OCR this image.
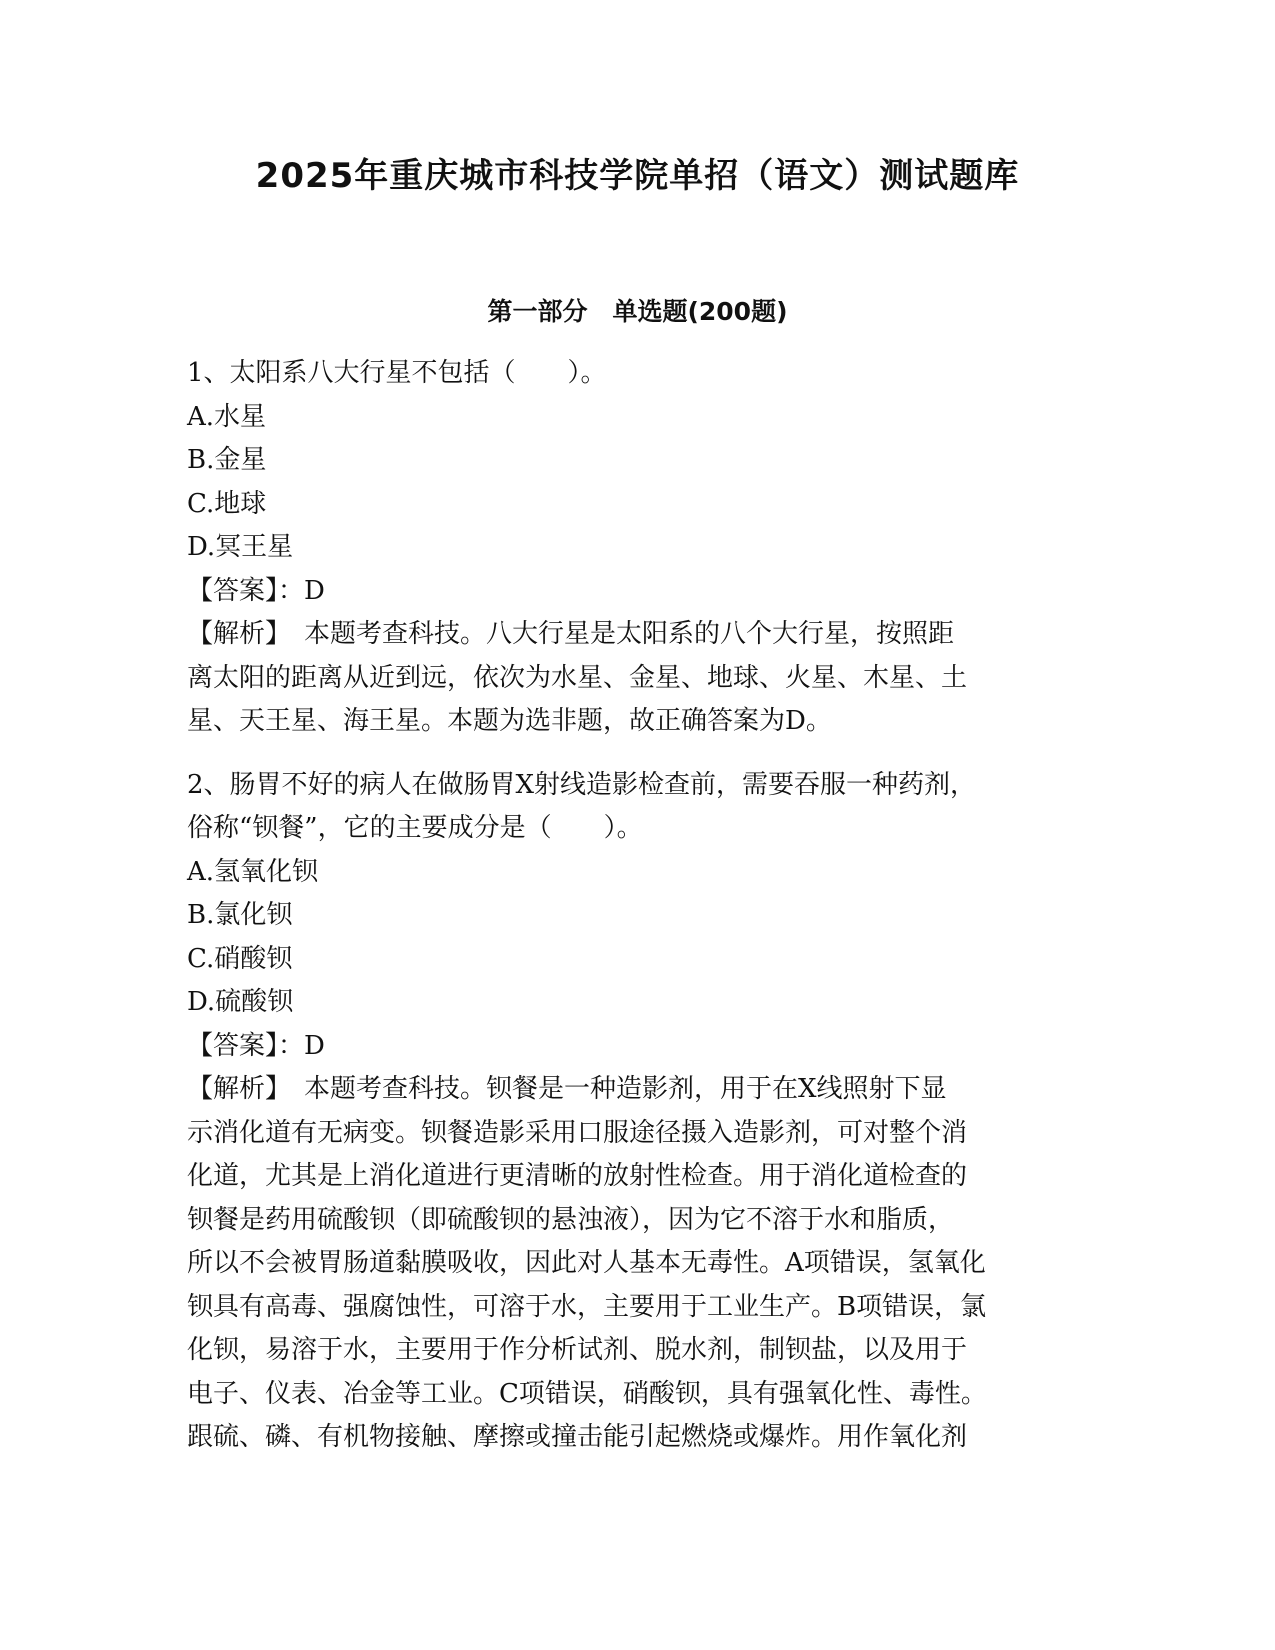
2025年重庆城市科技学院单招（语文）测试题库
第一部分　单选题(200题)

1、太阳系八大行星不包括（　　）。

A.水星

B.金星

C.地球

D.冥王星

【答案】：D

【解析】　本题考查科技。八大行星是太阳系的八个大行星，按照距

离太阳的距离从近到远，依次为水星、金星、地球、火星、木星、土

星、天王星、海王星。本题为选非题，故正确答案为D。

2、肠胃不好的病人在做肠胃X射线造影检查前，需要吞服一种药剂，

俗称“钡餐”，它的主要成分是（　　）。

A.氢氧化钡

B.氯化钡

C.硝酸钡

D.硫酸钡

【答案】：D

【解析】　本题考查科技。钡餐是一种造影剂，用于在X线照射下显

示消化道有无病变。钡餐造影采用口服途径摄入造影剂，可对整个消

化道，尤其是上消化道进行更清晰的放射性检查。用于消化道检查的

钡餐是药用硫酸钡（即硫酸钡的悬浊液），因为它不溶于水和脂质，

所以不会被胃肠道黏膜吸收，因此对人基本无毒性。A项错误，氢氧化

钡具有高毒、强腐蚀性，可溶于水，主要用于工业生产。B项错误，氯

化钡，易溶于水，主要用于作分析试剂、脱水剂，制钡盐，以及用于

电子、仪表、冶金等工业。C项错误，硝酸钡，具有强氧化性、毒性。

跟硫、磷、有机物接触、摩擦或撞击能引起燃烧或爆炸。用作氧化剂
